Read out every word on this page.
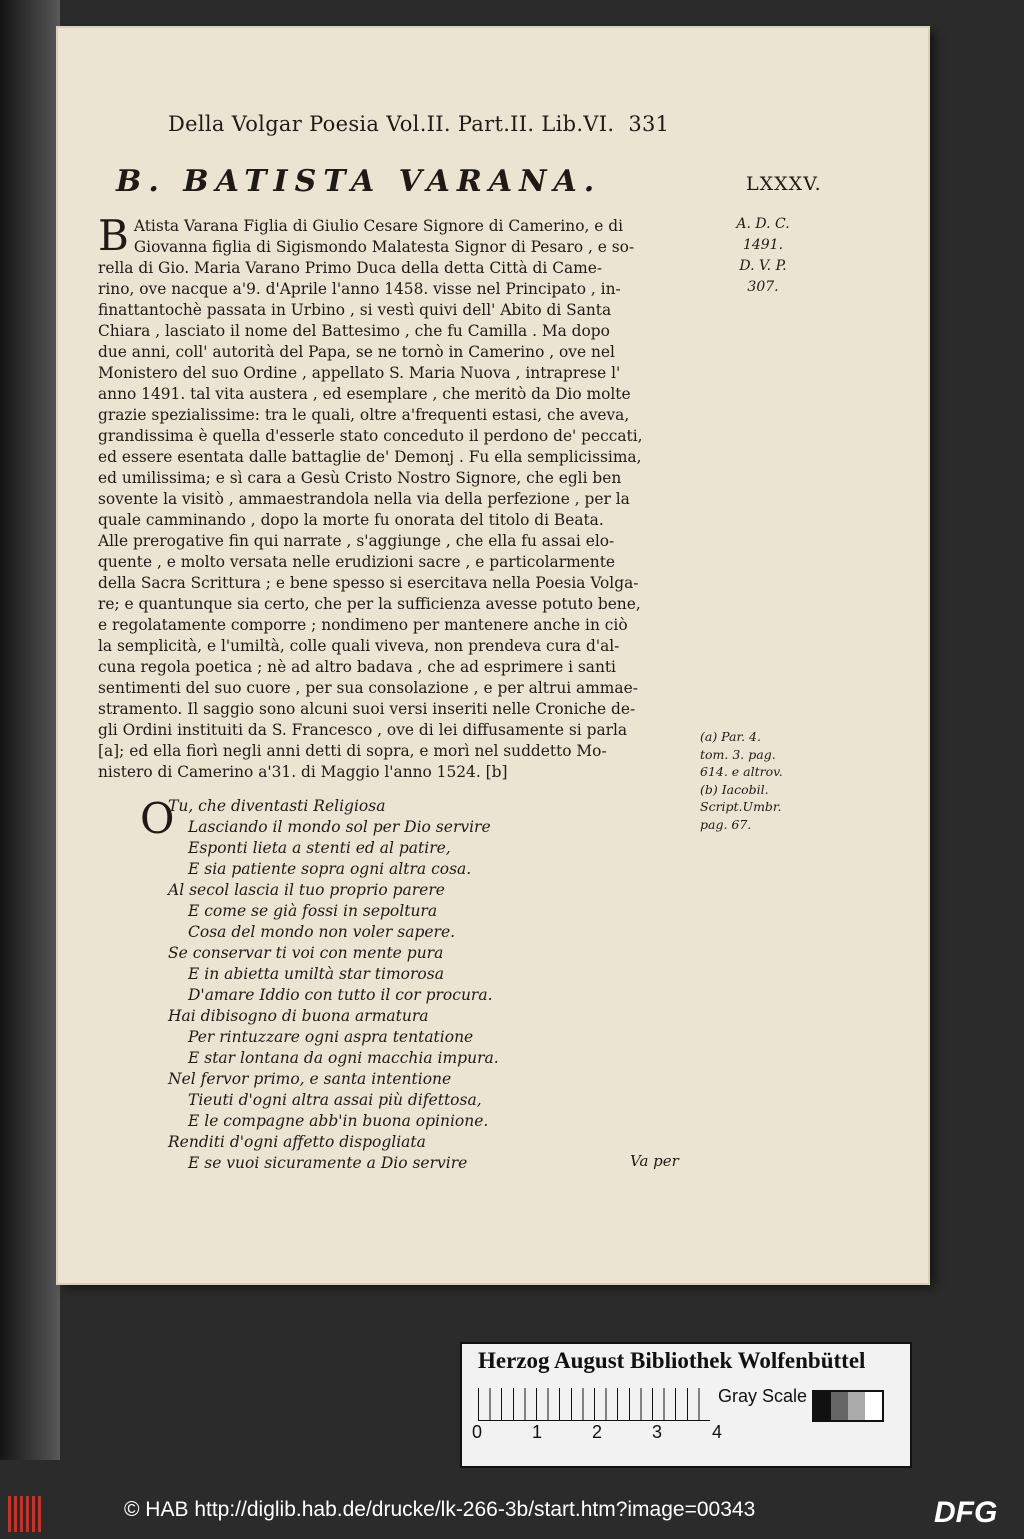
Della Volgar Poesia Vol.II. Part.II. Lib.VI. 331
B. BATISTA VARANA.	LXXXV.
B Atista Varana Figlia di Giulio Cesare Signore di Camerino, e di
Giovanna figlia di Sigismondo Malatesta Signor di Pesaro , e so-
rella di Gio. Maria Varano Primo Duca della detta Città di Came-
rino, ove nacque a'9. d'Aprile l'anno 1458. visse nel Principato , in-
finattantochè passata in Urbino , si vestì quivi dell' Abito di Santa
Chiara , lasciato il nome del Battesimo , che fu Camilla . Ma dopo
due anni, coll' autorità del Papa, se ne tornò in Camerino , ove nel
Monistero del suo Ordine , appellato S. Maria Nuova , intraprese l'
anno 1491. tal vita austera , ed esemplare , che meritò da Dio molte
grazie spezialissime: tra le quali, oltre a'frequenti estasi, che aveva,
grandissima è quella d'esserle stato conceduto il perdono de' peccati,
ed essere esentata dalle battaglie de' Demonj . Fu ella semplicissima,
ed umilissima; e sì cara a Gesù Cristo Nostro Signore, che egli ben
sovente la visitò , ammaestrandola nella via della perfezione , per la
quale camminando , dopo la morte fu onorata del titolo di Beata.
Alle prerogative fin qui narrate , s'aggiunge , che ella fu assai elo-
quente , e molto versata nelle erudizioni sacre , e particolarmente
della Sacra Scrittura ; e bene spesso si esercitava nella Poesia Volga-
re; e quantunque sia certo, che per la sufficienza avesse potuto bene,
e regolatamente comporre ; nondimeno per mantenere anche in ciò
la semplicità, e l'umiltà, colle quali viveva, non prendeva cura d'al-
cuna regola poetica ; nè ad altro badava , che ad esprimere i santi
sentimenti del suo cuore , per sua consolazione , e per altrui ammae-
stramento. Il saggio sono alcuni suoi versi inseriti nelle Croniche de-
gli Ordini instituiti da S. Francesco , ove di lei diffusamente si parla
[a]; ed ella fiorì negli anni detti di sopra, e morì nel suddetto Mo-
nistero di Camerino a'31. di Maggio l'anno 1524. [b]
A. D. C.
1491.
D. V. P.
307.
(a) Par. 4.
tom. 3. pag.
614. e altrov.
(b) Iacobil.
Script.Umbr.
pag. 67.
O
Tu, che diventasti Religiosa
Lasciando il mondo sol per Dio servire
Esponti lieta a stenti ed al patire,
E sia patiente sopra ogni altra cosa.
Al secol lascia il tuo proprio parere
E come se già fossi in sepoltura
Cosa del mondo non voler sapere.
Se conservar ti voi con mente pura
E in abietta umiltà star timorosa
D'amare Iddio con tutto il cor procura.
Hai dibisogno di buona armatura
Per rintuzzare ogni aspra tentatione
E star lontana da ogni macchia impura.
Nel fervor primo, e santa intentione
Tieuti d'ogni altra assai più difettosa,
E le compagne abb'in buona opinione.
Renditi d'ogni affetto dispogliata
E se vuoi sicuramente a Dio servire	Va per
Herzog August Bibliothek Wolfenbüttel
0	1	2	3	4
Gray Scale
© HAB http://diglib.hab.de/drucke/lk-266-3b/start.htm?image=00343	DFG
